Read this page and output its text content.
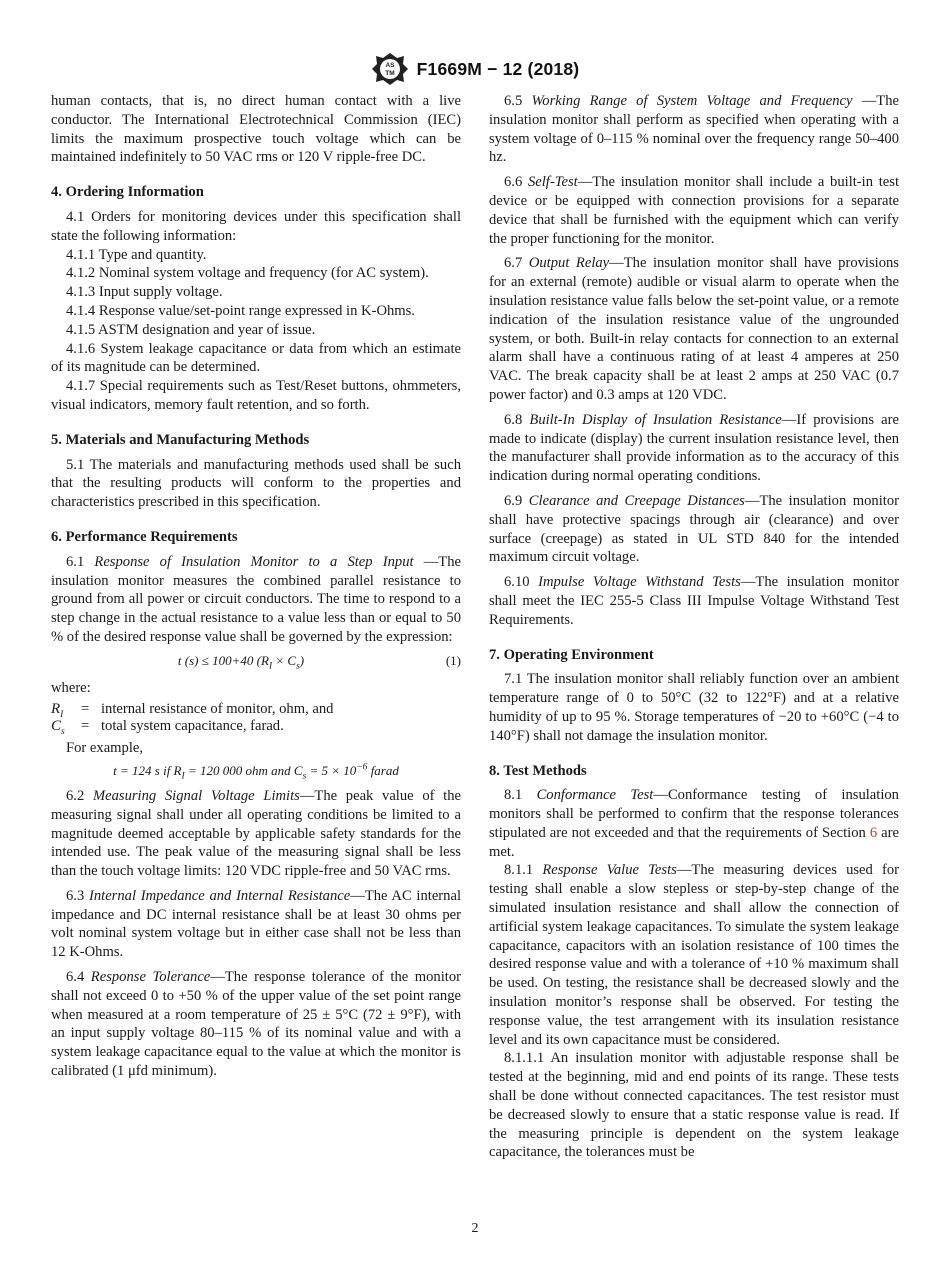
AS
TM F1669M − 12 (2018)

human contacts, that is, no direct human contact with a live conductor. The International Electrotechnical Commission (IEC) limits the maximum prospective touch voltage which can be maintained indefinitely to 50 VAC rms or 120 V ripple-free DC.

4. Ordering Information

4.1 Orders for monitoring devices under this specification shall state the following information:

4.1.1 Type and quantity.

4.1.2 Nominal system voltage and frequency (for AC system).

4.1.3 Input supply voltage.

4.1.4 Response value/set-point range expressed in K-Ohms.

4.1.5 ASTM designation and year of issue.

4.1.6 System leakage capacitance or data from which an estimate of its magnitude can be determined.

4.1.7 Special requirements such as Test/Reset buttons, ohmmeters, visual indicators, memory fault retention, and so forth.

5. Materials and Manufacturing Methods

5.1 The materials and manufacturing methods used shall be such that the resulting products will conform to the properties and characteristics prescribed in this specification.

6. Performance Requirements

6.1 Response of Insulation Monitor to a Step Input —The insulation monitor measures the combined parallel resistance to ground from all power or circuit conductors. The time to respond to a step change in the actual resistance to a value less than or equal to 50 % of the desired response value shall be governed by the expression:

t (s) ≤ 100+40 $(R_I \times C_s)$	(1)

where:

$R_I$	=	internal resistance of monitor, ohm, and
$C_s$	=	total system capacitance, farad.

For example,

t = 124 s if $R_I = 120$ 000 ohm and $C_s = 5 \times 10^{-6}$ farad

6.2 Measuring Signal Voltage Limits—The peak value of the measuring signal shall under all operating conditions be limited to a magnitude deemed acceptable by applicable safety standards for the intended use. The peak value of the measuring signal shall be less than the touch voltage limits: 120 VDC ripple-free and 50 VAC rms.

6.3 Internal Impedance and Internal Resistance—The AC internal impedance and DC internal resistance shall be at least 30 ohms per volt nominal system voltage but in either case shall not be less than 12 K-Ohms.

6.4 Response Tolerance—The response tolerance of the monitor shall not exceed 0 to +50 % of the upper value of the set point range when measured at a room temperature of 25 ± 5°C (72 ± 9°F), with an input supply voltage 80–115 % of its nominal value and with a system leakage capacitance equal to the value at which the monitor is calibrated (1 μfd minimum).

6.5 Working Range of System Voltage and Frequency —The insulation monitor shall perform as specified when operating with a system voltage of 0–115 % nominal over the frequency range 50–400 hz.

6.6 Self-Test—The insulation monitor shall include a built-in test device or be equipped with connection provisions for a separate device that shall be furnished with the equipment which can verify the proper functioning for the monitor.

6.7 Output Relay—The insulation monitor shall have provisions for an external (remote) audible or visual alarm to operate when the insulation resistance value falls below the set-point value, or a remote indication of the insulation resistance value of the ungrounded system, or both. Built-in relay contacts for connection to an external alarm shall have a continuous rating of at least 4 amperes at 250 VAC. The break capacity shall be at least 2 amps at 250 VAC (0.7 power factor) and 0.3 amps at 120 VDC.

6.8 Built-In Display of Insulation Resistance—If provisions are made to indicate (display) the current insulation resistance level, then the manufacturer shall provide information as to the accuracy of this indication during normal operating conditions.

6.9 Clearance and Creepage Distances—The insulation monitor shall have protective spacings through air (clearance) and over surface (creepage) as stated in UL STD 840 for the intended maximum circuit voltage.

6.10 Impulse Voltage Withstand Tests—The insulation monitor shall meet the IEC 255-5 Class III Impulse Voltage Withstand Test Requirements.

7. Operating Environment

7.1 The insulation monitor shall reliably function over an ambient temperature range of 0 to 50°C (32 to 122°F) and at a relative humidity of up to 95 %. Storage temperatures of −20 to +60°C (−4 to 140°F) shall not damage the insulation monitor.

8. Test Methods

8.1 Conformance Test—Conformance testing of insulation monitors shall be performed to confirm that the response tolerances stipulated are not exceeded and that the requirements of Section 6 are met.

8.1.1 Response Value Tests—The measuring devices used for testing shall enable a slow stepless or step-by-step change of the simulated insulation resistance and shall allow the connection of artificial system leakage capacitances. To simulate the system leakage capacitance, capacitors with an isolation resistance of 100 times the desired response value and with a tolerance of +10 % maximum shall be used. On testing, the resistance shall be decreased slowly and the insulation monitor’s response shall be observed. For testing the response value, the test arrangement with its insulation resistance level and its own capacitance must be considered.

8.1.1.1 An insulation monitor with adjustable response shall be tested at the beginning, mid and end points of its range. These tests shall be done without connected capacitances. The test resistor must be decreased slowly to ensure that a static response value is read. If the measuring principle is dependent on the system leakage capacitance, the tolerances must be

2
